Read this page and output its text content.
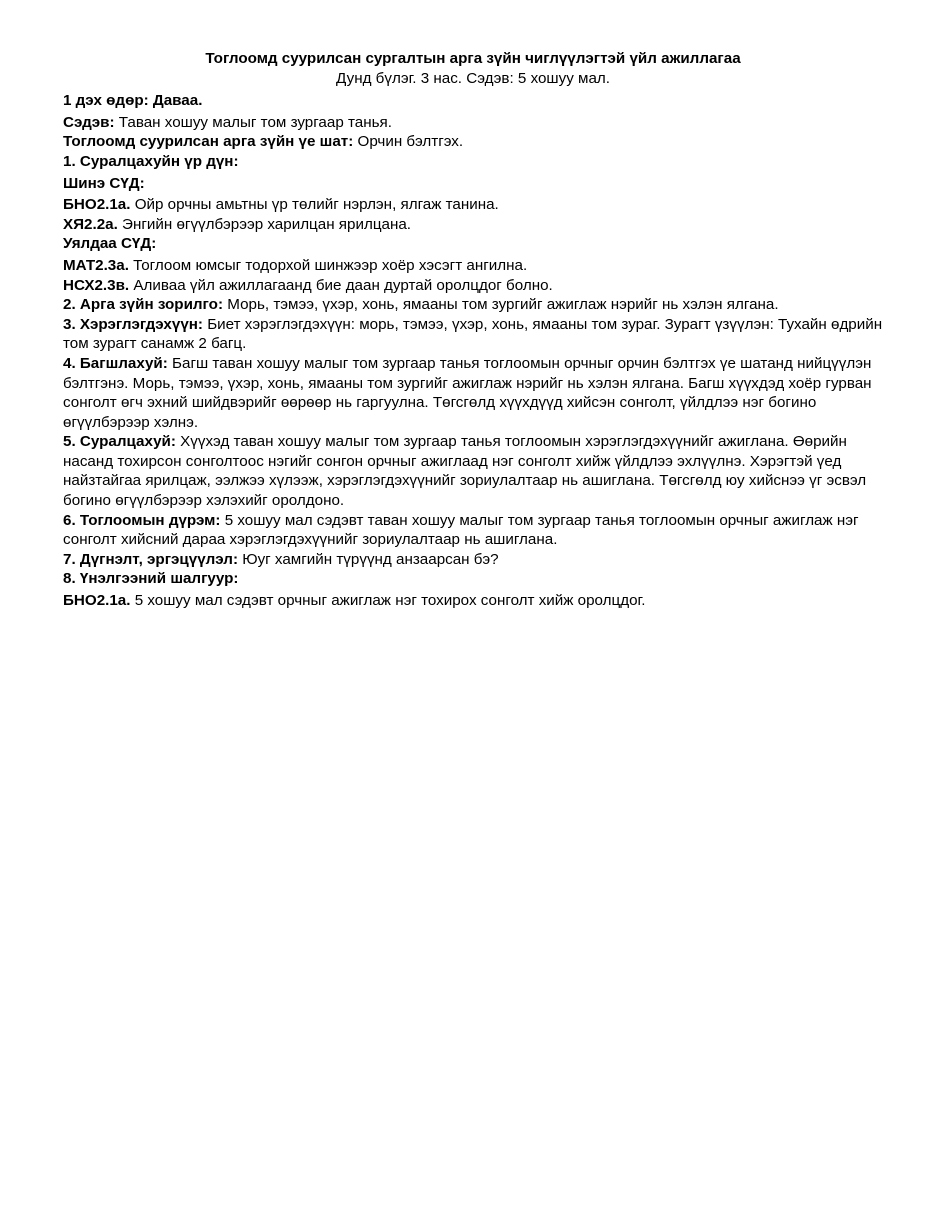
Тоглоомд суурилсан сургалтын арга зүйн чиглүүлэгтэй үйл ажиллагаа

Дунд бүлэг. 3 нас. Сэдэв: 5 хошуу мал.

1 дэх өдөр: Даваа.

Сэдэв: Таван хошуу малыг том зургаар танья.

Тоглоомд суурилсан арга зүйн үе шат: Орчин бэлтгэх.

1. Суралцахуйн үр дүн:

Шинэ СҮД:

БНО2.1а. Ойр орчны амьтны үр төлийг нэрлэн, ялгаж танина.

ХЯ2.2а. Энгийн өгүүлбэрээр харилцан ярилцана.

Уялдаа СҮД:

МАТ2.3а. Тоглоом юмсыг тодорхой шинжээр хоёр хэсэгт ангилна.

НСХ2.3в. Аливаа үйл ажиллагаанд бие даан дуртай оролцдог болно.

2. Арга зүйн зорилго: Морь, тэмээ, үхэр, хонь, ямааны том зургийг ажиглаж нэрийг нь хэлэн ялгана.

3. Хэрэглэгдэхүүн: Биет хэрэглэгдэхүүн: морь, тэмээ, үхэр, хонь, ямааны том зураг. Зурагт үзүүлэн: Тухайн өдрийн том зурагт санамж 2 багц.

4. Багшлахуй: Багш таван хошуу малыг том зургаар танья тоглоомын орчныг орчин бэлтгэх үе шатанд нийцүүлэн бэлтгэнэ. Морь, тэмээ, үхэр, хонь, ямааны том зургийг ажиглаж нэрийг нь хэлэн ялгана. Багш хүүхдэд хоёр гурван сонголт өгч эхний шийдвэрийг өөрөөр нь гаргуулна. Төгсгөлд хүүхдүүд хийсэн сонголт, үйлдлээ нэг богино өгүүлбэрээр хэлнэ.

5. Суралцахуй: Хүүхэд таван хошуу малыг том зургаар танья тоглоомын хэрэглэгдэхүүнийг ажиглана. Өөрийн насанд тохирсон сонголтоос нэгийг сонгон орчныг ажиглаад нэг сонголт хийж үйлдлээ эхлүүлнэ. Хэрэгтэй үед найзтайгаа ярилцаж, ээлжээ хүлээж, хэрэглэгдэхүүнийг зориулалтаар нь ашиглана. Төгсгөлд юу хийснээ үг эсвэл богино өгүүлбэрээр хэлэхийг оролдоно.

6. Тоглоомын дүрэм: 5 хошуу мал сэдэвт таван хошуу малыг том зургаар танья тоглоомын орчныг ажиглаж нэг сонголт хийсний дараа хэрэглэгдэхүүнийг зориулалтаар нь ашиглана.

7. Дүгнэлт, эргэцүүлэл: Юуг хамгийн түрүүнд анзаарсан бэ?

8. Үнэлгээний шалгуур:

БНО2.1а. 5 хошуу мал сэдэвт орчныг ажиглаж нэг тохирох сонголт хийж оролцдог.
